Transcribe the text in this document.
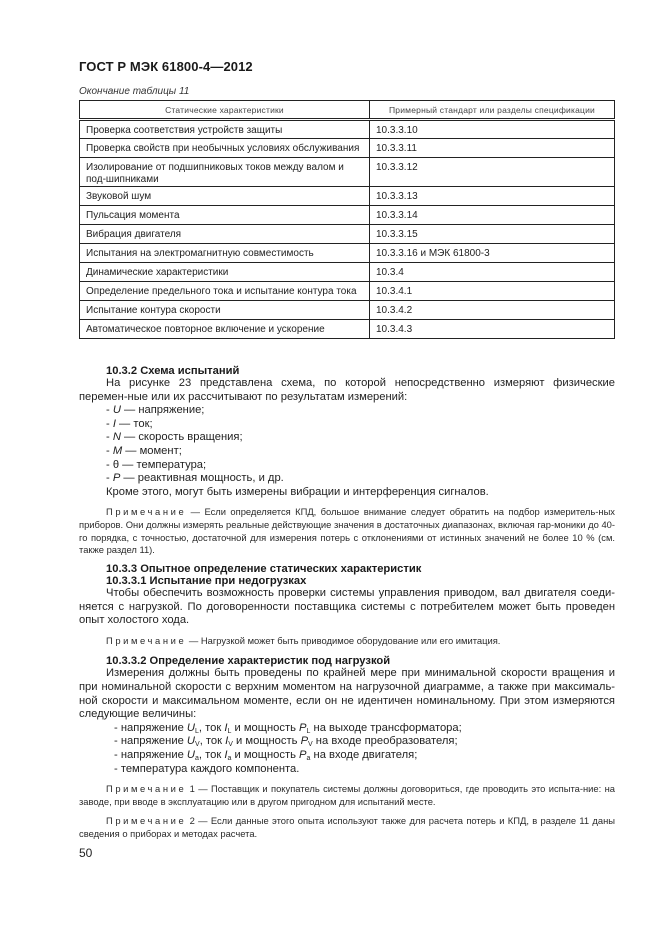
ГОСТ Р МЭК 61800-4—2012
Окончание таблицы 11
Статические характеристики	Примерный стандарт или разделы спецификации
Проверка соответствия устройств защиты	10.3.3.10
Проверка свойств при необычных условиях обслуживания	10.3.3.11
Изолирование от подшипниковых токов между валом и под-шипниками	10.3.3.12
Звуковой шум	10.3.3.13
Пульсация момента	10.3.3.14
Вибрация двигателя	10.3.3.15
Испытания на электромагнитную совместимость	10.3.3.16 и МЭК 61800-3
Динамические характеристики	10.3.4
Определение предельного тока и испытание контура тока	10.3.4.1
Испытание контура скорости	10.3.4.2
Автоматическое повторное включение и ускорение	10.3.4.3
10.3.2 Схема испытаний
На рисунке 23 представлена схема, по которой непосредственно измеряют физические перемен-ные или их рассчитывают по результатам измерений:
- U — напряжение;
- I — ток;
- N — скорость вращения;
- M — момент;
- θ — температура;
- P — реактивная мощность, и др.
Кроме этого, могут быть измерены вибрации и интерференция сигналов.
Примечание — Если определяется КПД, большое внимание следует обратить на подбор измеритель-ных приборов. Они должны измерять реальные действующие значения в достаточных диапазонах, включая гар-моники до 40-го порядка, с точностью, достаточной для измерения потерь с отклонениями от истинных значений не более 10 % (см. также раздел 11).
10.3.3 Опытное определение статических характеристик
10.3.3.1 Испытание при недогрузках
Чтобы обеспечить возможность проверки системы управления приводом, вал двигателя соеди-няется с нагрузкой. По договоренности поставщика системы с потребителем может быть проведен опыт холостого хода.
Примечание — Нагрузкой может быть приводимое оборудование или его имитация.
10.3.3.2 Определение характеристик под нагрузкой
Измерения должны быть проведены по крайней мере при минимальной скорости вращения и при номинальной скорости с верхним моментом на нагрузочной диаграмме, а также при максималь-ной скорости и максимальном моменте, если он не идентичен номинальному. При этом измеряются следующие величины:
- напряжение $U_L$, ток $I_L$ и мощность $P_L$ на выходе трансформатора;
- напряжение $U_V$, ток $I_V$ и мощность $P_V$ на входе преобразователя;
- напряжение $U_a$, ток $I_a$ и мощность $P_a$ на входе двигателя;
- температура каждого компонента.
Примечание 1 — Поставщик и покупатель системы должны договориться, где проводить это испыта-ние: на заводе, при вводе в эксплуатацию или в другом пригодном для испытаний месте.
Примечание 2 — Если данные этого опыта используют также для расчета потерь и КПД, в разделе 11 даны сведения о приборах и методах расчета.
50
